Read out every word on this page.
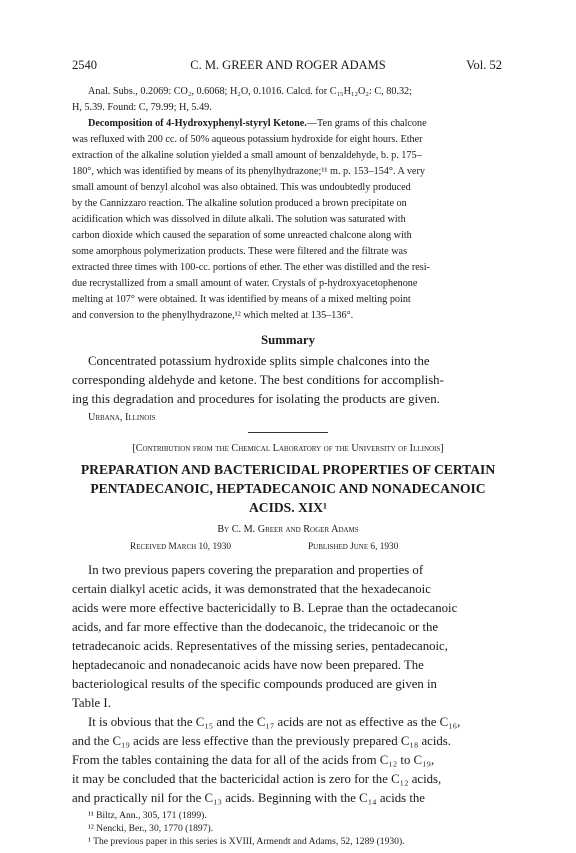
2540	C. M. GREER AND ROGER ADAMS	Vol. 52
Anal. Subs., 0.2069: CO₂, 0.6068; H₂O, 0.1016. Calcd. for C₁₅H₁₂O₂: C, 80.32;
H, 5.39. Found: C, 79.99; H, 5.49.
Decomposition of 4-Hydroxyphenyl-styryl Ketone.—Ten grams of this chalcone
was refluxed with 200 cc. of 50% aqueous potassium hydroxide for eight hours. Ether
extraction of the alkaline solution yielded a small amount of benzaldehyde, b. p. 175–
180°, which was identified by means of its phenylhydrazone;¹¹ m. p. 153–154°. A very
small amount of benzyl alcohol was also obtained. This was undoubtedly produced
by the Cannizzaro reaction. The alkaline solution produced a brown precipitate on
acidification which was dissolved in dilute alkali. The solution was saturated with
carbon dioxide which caused the separation of some unreacted chalcone along with
some amorphous polymerization products. These were filtered and the filtrate was
extracted three times with 100-cc. portions of ether. The ether was distilled and the resi-
due recrystallized from a small amount of water. Crystals of p-hydroxyacetophenone
melting at 107° were obtained. It was identified by means of a mixed melting point
and conversion to the phenylhydrazone,¹² which melted at 135–136°.
Summary
Concentrated potassium hydroxide splits simple chalcones into the
corresponding aldehyde and ketone. The best conditions for accomplish-
ing this degradation and procedures for isolating the products are given.
Urbana, Illinois
[Contribution from the Chemical Laboratory of the University of Illinois]
PREPARATION AND BACTERICIDAL PROPERTIES OF CERTAIN
PENTADECANOIC, HEPTADECANOIC AND NONADECANOIC
ACIDS. XIX¹
By C. M. Greer and Roger Adams
Received March 10, 1930	Published June 6, 1930
In two previous papers covering the preparation and properties of
certain dialkyl acetic acids, it was demonstrated that the hexadecanoic
acids were more effective bactericidally to B. Leprae than the octadecanoic
acids, and far more effective than the dodecanoic, the tridecanoic or the
tetradecanoic acids. Representatives of the missing series, pentadecanoic,
heptadecanoic and nonadecanoic acids have now been prepared. The
bacteriological results of the specific compounds produced are given in
Table I.
It is obvious that the C₁₅ and the C₁₇ acids are not as effective as the C₁₆,
and the C₁₉ acids are less effective than the previously prepared C₁₈ acids.
From the tables containing the data for all of the acids from C₁₂ to C₁₉,
it may be concluded that the bactericidal action is zero for the C₁₂ acids,
and practically nil for the C₁₃ acids. Beginning with the C₁₄ acids the
¹¹ Biltz, Ann., 305, 171 (1899).
¹² Nencki, Ber., 30, 1770 (1897).
¹ The previous paper in this series is XVIII, Armendt and Adams, 52, 1289 (1930).
